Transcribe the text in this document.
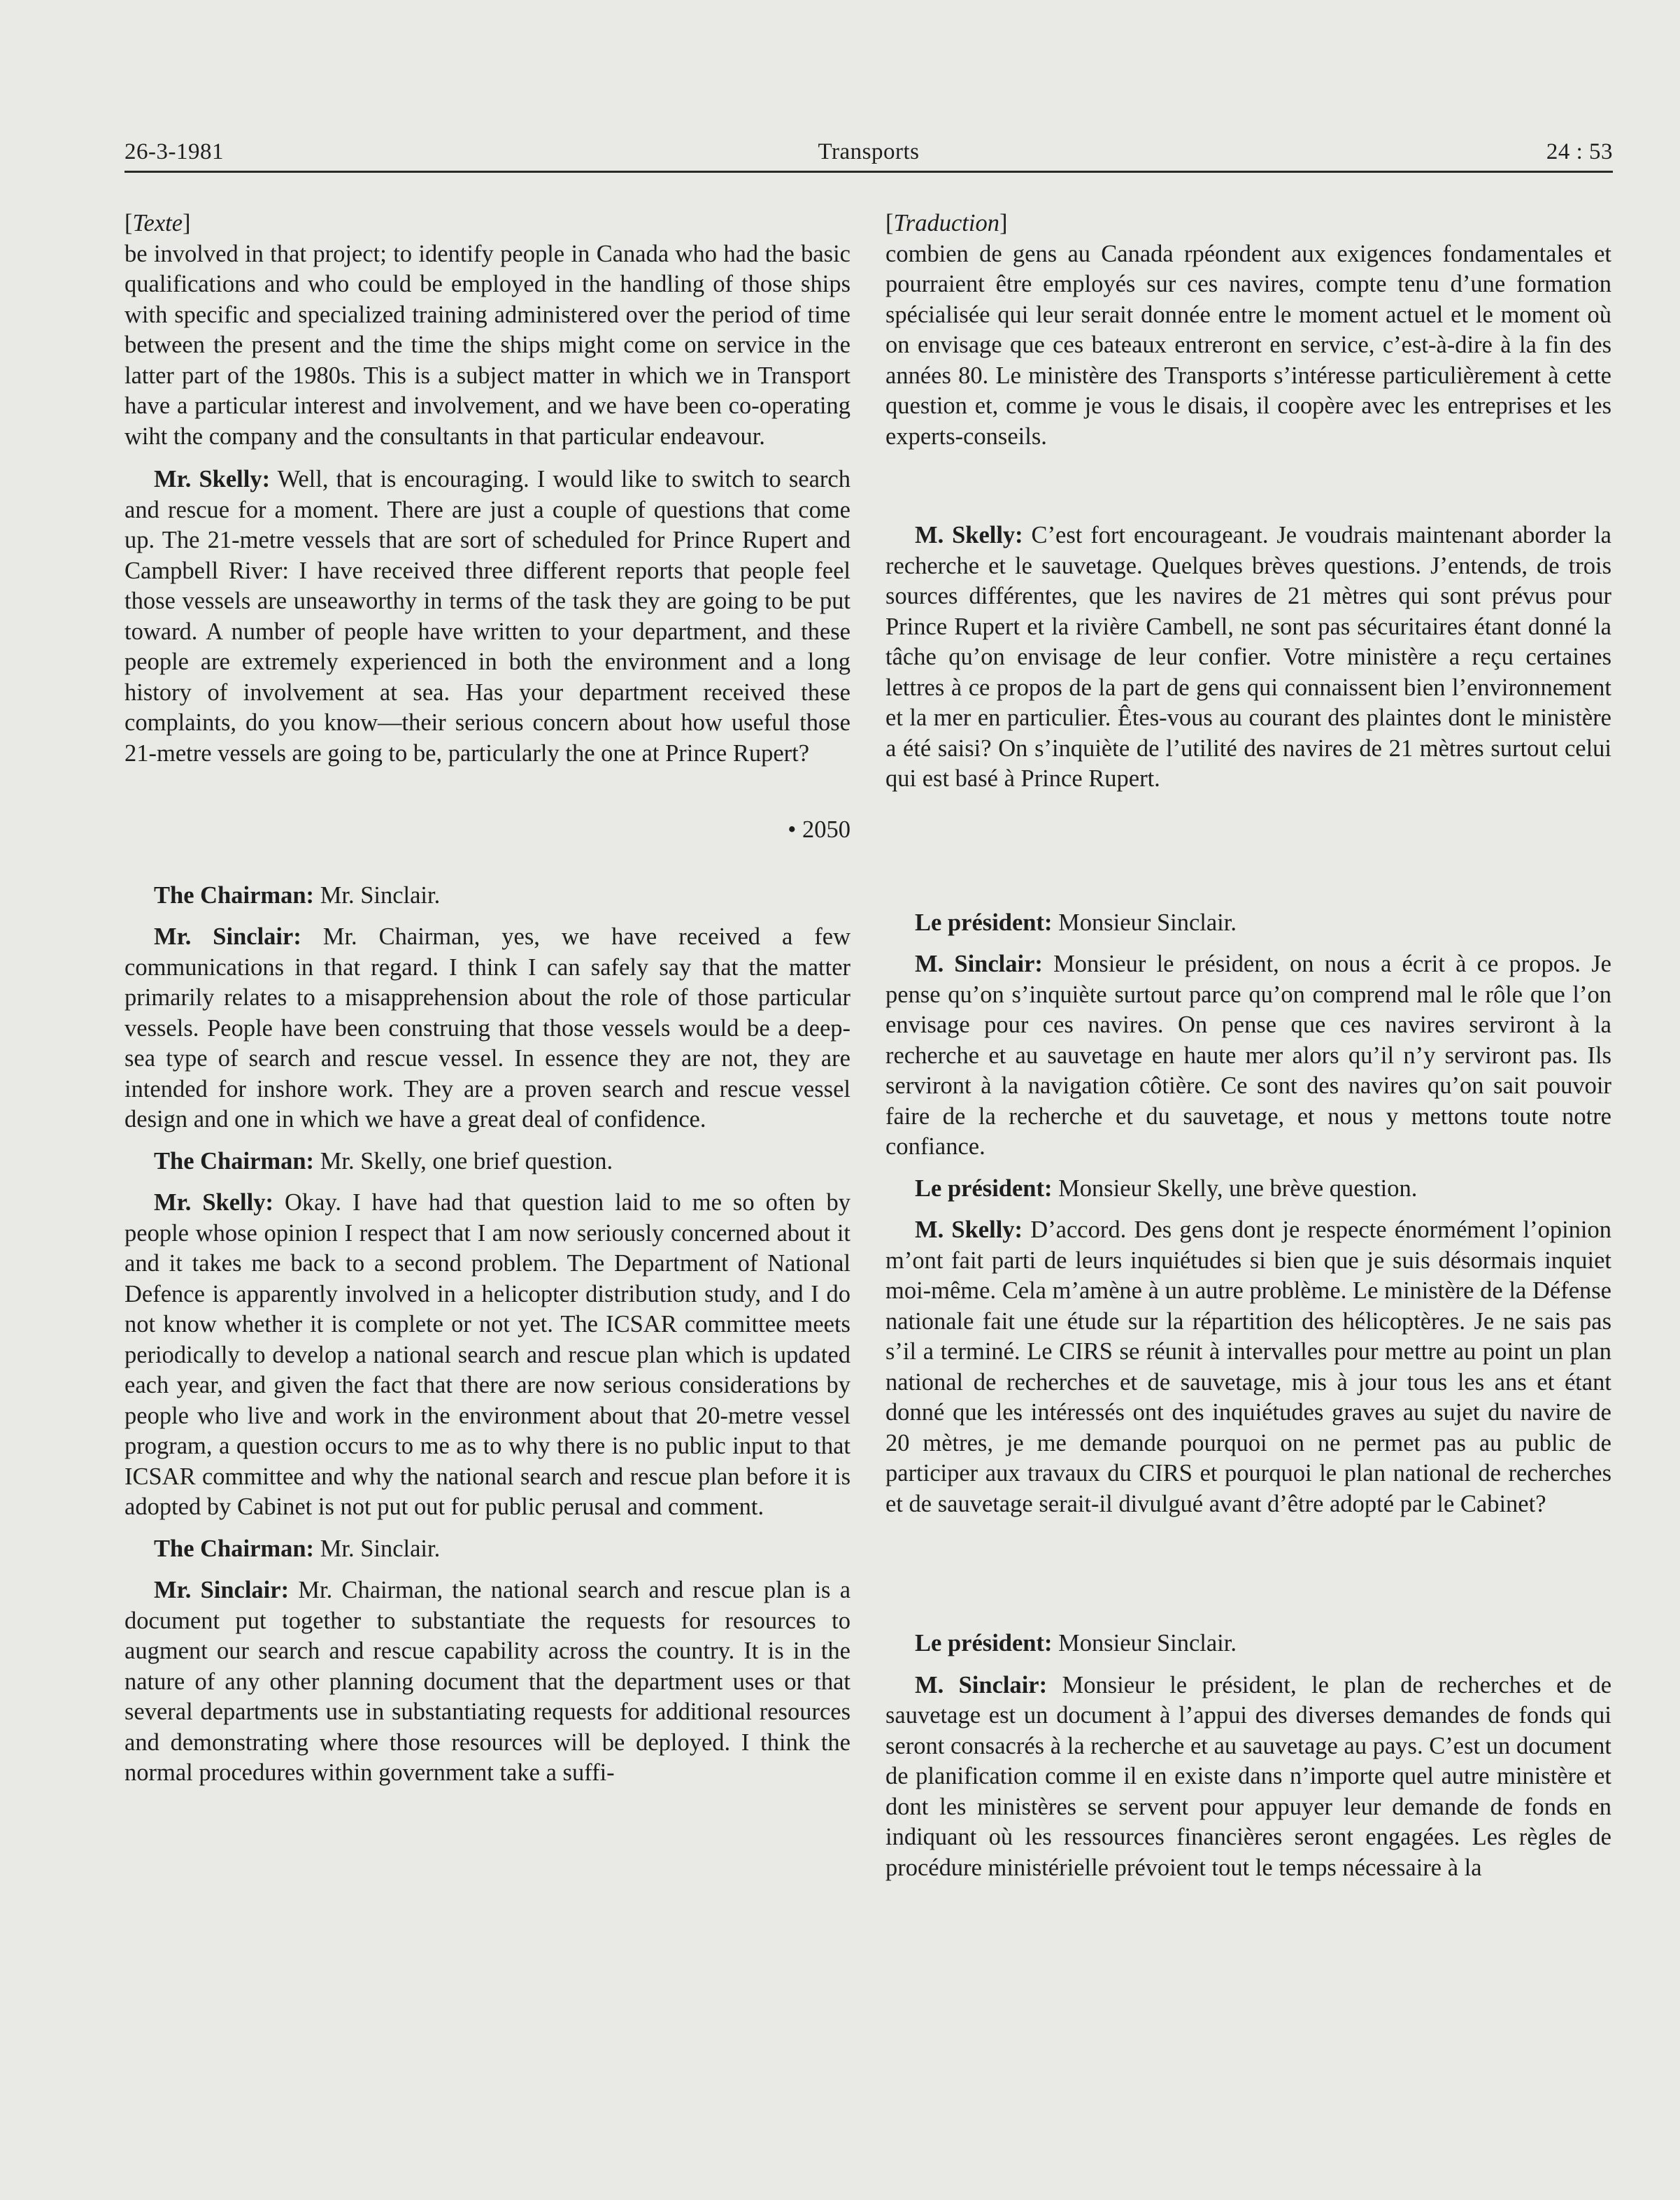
26-3-1981	Transports	24 : 53
[Texte]

be involved in that project; to identify people in Canada who had the basic qualifications and who could be employed in the handling of those ships with specific and specialized training administered over the period of time between the present and the time the ships might come on service in the latter part of the 1980s. This is a subject matter in which we in Transport have a particular interest and involvement, and we have been co-operating wiht the company and the consultants in that particular endeavour.

Mr. Skelly: Well, that is encouraging. I would like to switch to search and rescue for a moment. There are just a couple of questions that come up. The 21-metre vessels that are sort of scheduled for Prince Rupert and Campbell River: I have received three different reports that people feel those vessels are unseaworthy in terms of the task they are going to be put toward. A number of people have written to your department, and these people are extremely experienced in both the environment and a long history of involvement at sea. Has your department received these complaints, do you know—their serious concern about how useful those 21-metre vessels are going to be, particularly the one at Prince Rupert?

• 2050

The Chairman: Mr. Sinclair.

Mr. Sinclair: Mr. Chairman, yes, we have received a few communications in that regard. I think I can safely say that the matter primarily relates to a misapprehension about the role of those particular vessels. People have been construing that those vessels would be a deep-sea type of search and rescue vessel. In essence they are not, they are intended for inshore work. They are a proven search and rescue vessel design and one in which we have a great deal of confidence.

The Chairman: Mr. Skelly, one brief question.

Mr. Skelly: Okay. I have had that question laid to me so often by people whose opinion I respect that I am now seriously concerned about it and it takes me back to a second problem. The Department of National Defence is apparently involved in a helicopter distribution study, and I do not know whether it is complete or not yet. The ICSAR committee meets periodically to develop a national search and rescue plan which is updated each year, and given the fact that there are now serious considerations by people who live and work in the environment about that 20-metre vessel program, a question occurs to me as to why there is no public input to that ICSAR committee and why the national search and rescue plan before it is adopted by Cabinet is not put out for public perusal and comment.

The Chairman: Mr. Sinclair.

Mr. Sinclair: Mr. Chairman, the national search and rescue plan is a document put together to substantiate the requests for resources to augment our search and rescue capability across the country. It is in the nature of any other planning document that the department uses or that several departments use in substantiating requests for additional resources and demonstrating where those resources will be deployed. I think the normal procedures within government take a suffi-

[Traduction]

combien de gens au Canada rpéondent aux exigences fondamentales et pourraient être employés sur ces navires, compte tenu d’une formation spécialisée qui leur serait donnée entre le moment actuel et le moment où on envisage que ces bateaux entreront en service, c’est-à-dire à la fin des années 80. Le ministère des Transports s’intéresse particulièrement à cette question et, comme je vous le disais, il coopère avec les entreprises et les experts-conseils.

M. Skelly: C’est fort encourageant. Je voudrais maintenant aborder la recherche et le sauvetage. Quelques brèves questions. J’entends, de trois sources différentes, que les navires de 21 mètres qui sont prévus pour Prince Rupert et la rivière Cambell, ne sont pas sécuritaires étant donné la tâche qu’on envisage de leur confier. Votre ministère a reçu certaines lettres à ce propos de la part de gens qui connaissent bien l’environnement et la mer en particulier. Êtes-vous au courant des plaintes dont le ministère a été saisi? On s’inquiète de l’utilité des navires de 21 mètres surtout celui qui est basé à Prince Rupert.

Le président: Monsieur Sinclair.

M. Sinclair: Monsieur le président, on nous a écrit à ce propos. Je pense qu’on s’inquiète surtout parce qu’on comprend mal le rôle que l’on envisage pour ces navires. On pense que ces navires serviront à la recherche et au sauvetage en haute mer alors qu’il n’y serviront pas. Ils serviront à la navigation côtière. Ce sont des navires qu’on sait pouvoir faire de la recherche et du sauvetage, et nous y mettons toute notre confiance.

Le président: Monsieur Skelly, une brève question.

M. Skelly: D’accord. Des gens dont je respecte énormément l’opinion m’ont fait parti de leurs inquiétudes si bien que je suis désormais inquiet moi-même. Cela m’amène à un autre problème. Le ministère de la Défense nationale fait une étude sur la répartition des hélicoptères. Je ne sais pas s’il a terminé. Le CIRS se réunit à intervalles pour mettre au point un plan national de recherches et de sauvetage, mis à jour tous les ans et étant donné que les intéressés ont des inquiétudes graves au sujet du navire de 20 mètres, je me demande pourquoi on ne permet pas au public de participer aux travaux du CIRS et pourquoi le plan national de recherches et de sauvetage serait-il divulgué avant d’être adopté par le Cabinet?

Le président: Monsieur Sinclair.

M. Sinclair: Monsieur le président, le plan de recherches et de sauvetage est un document à l’appui des diverses demandes de fonds qui seront consacrés à la recherche et au sauvetage au pays. C’est un document de planification comme il en existe dans n’importe quel autre ministère et dont les ministères se servent pour appuyer leur demande de fonds en indiquant où les ressources financières seront engagées. Les règles de procédure ministérielle prévoient tout le temps nécessaire à la
